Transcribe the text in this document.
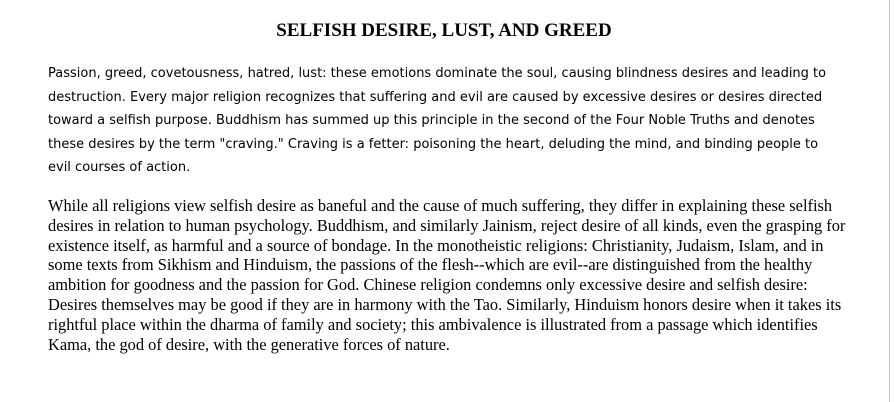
SELFISH DESIRE, LUST, AND GREED

Passion, greed, covetousness, hatred, lust: these emotions dominate the soul, causing blindness desires and leading to destruction. Every major religion recognizes that suffering and evil are caused by excessive desires or desires directed toward a selfish purpose. Buddhism has summed up this principle in the second of the Four Noble Truths and denotes these desires by the term "craving." Craving is a fetter: poisoning the heart, deluding the mind, and binding people to evil courses of action.

While all religions view selfish desire as baneful and the cause of much suffering, they differ in explaining these selfish desires in relation to human psychology. Buddhism, and similarly Jainism, reject desire of all kinds, even the grasping for existence itself, as harmful and a source of bondage. In the monotheistic religions: Christianity, Judaism, Islam, and in some texts from Sikhism and Hinduism, the passions of the flesh--which are evil--are distinguished from the healthy ambition for goodness and the passion for God. Chinese religion condemns only excessive desire and selfish desire: Desires themselves may be good if they are in harmony with the Tao. Similarly, Hinduism honors desire when it takes its rightful place within the dharma of family and society; this ambivalence is illustrated from a passage which identifies Kama, the god of desire, with the generative forces of nature.
